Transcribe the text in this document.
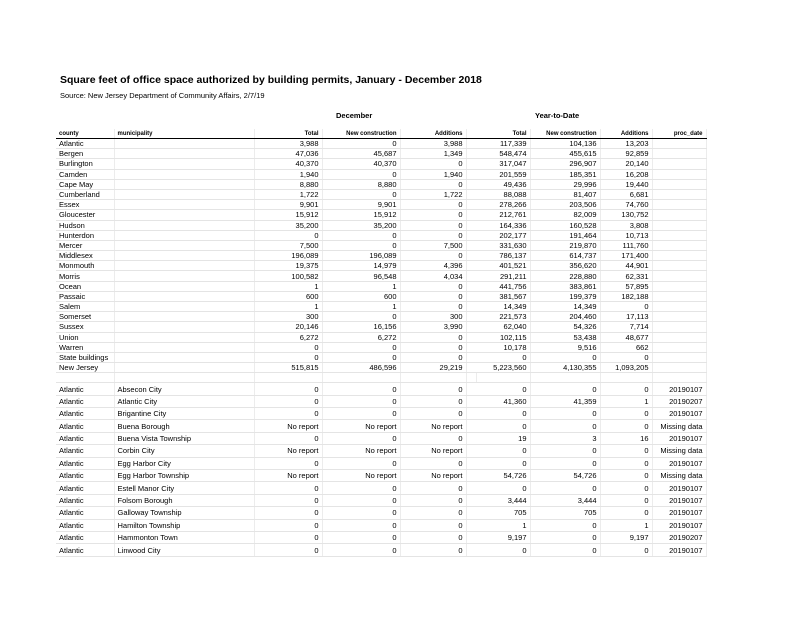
Square feet of office space authorized by building permits, January - December 2018
Source: New Jersey Department of Community Affairs, 2/7/19
December	Year-to-Date
county	municipality	Total	New construction	Additions		Total	New construction	Additions	proc_date
Atlantic		3,988	0	3,988		117,339	104,136	13,203	
Bergen		47,036	45,687	1,349		548,474	455,615	92,859	
Burlington		40,370	40,370	0		317,047	296,907	20,140	
Camden		1,940	0	1,940		201,559	185,351	16,208	
Cape May		8,880	8,880	0		49,436	29,996	19,440	
Cumberland		1,722	0	1,722		88,088	81,407	6,681	
Essex		9,901	9,901	0		278,266	203,506	74,760	
Gloucester		15,912	15,912	0		212,761	82,009	130,752	
Hudson		35,200	35,200	0		164,336	160,528	3,808	
Hunterdon		0	0	0		202,177	191,464	10,713	
Mercer		7,500	0	7,500		331,630	219,870	111,760	
Middlesex		196,089	196,089	0		786,137	614,737	171,400	
Monmouth		19,375	14,979	4,396		401,521	356,620	44,901	
Morris		100,582	96,548	4,034		291,211	228,880	62,331	
Ocean		1	1	0		441,756	383,861	57,895	
Passaic		600	600	0		381,567	199,379	182,188	
Salem		1	1	0		14,349	14,349	0	
Somerset		300	0	300		221,573	204,460	17,113	
Sussex		20,146	16,156	3,990		62,040	54,326	7,714	
Union		6,272	6,272	0		102,115	53,438	48,677	
Warren		0	0	0		10,178	9,516	662	
State buildings		0	0	0		0	0	0	
New Jersey		515,815	486,596	29,219		5,223,560	4,130,355	1,093,205	

Atlantic	Absecon City	0	0	0		0	0	0	20190107
Atlantic	Atlantic City	0	0	0		41,360	41,359	1	20190207
Atlantic	Brigantine City	0	0	0		0	0	0	20190107
Atlantic	Buena Borough	No report	No report	No report		0	0	0	Missing data
Atlantic	Buena Vista Township	0	0	0		19	3	16	20190107
Atlantic	Corbin City	No report	No report	No report		0	0	0	Missing data
Atlantic	Egg Harbor City	0	0	0		0	0	0	20190107
Atlantic	Egg Harbor Township	No report	No report	No report		54,726	54,726	0	Missing data
Atlantic	Estell Manor City	0	0	0		0	0	0	20190107
Atlantic	Folsom Borough	0	0	0		3,444	3,444	0	20190107
Atlantic	Galloway Township	0	0	0		705	705	0	20190107
Atlantic	Hamilton Township	0	0	0		1	0	1	20190107
Atlantic	Hammonton Town	0	0	0		9,197	0	9,197	20190207
Atlantic	Linwood City	0	0	0		0	0	0	20190107
